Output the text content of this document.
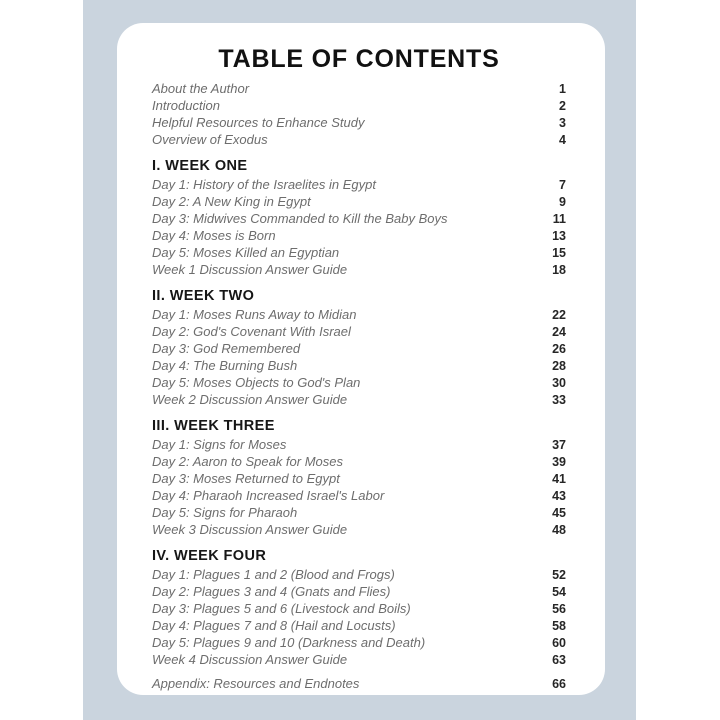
TABLE OF CONTENTS
About the Author	1
Introduction	2
Helpful Resources to Enhance Study	3
Overview of Exodus	4
I. WEEK ONE
Day 1: History of the Israelites in Egypt	7
Day 2: A New King in Egypt	9
Day 3: Midwives Commanded to Kill the Baby Boys	11
Day 4: Moses is Born	13
Day 5: Moses Killed an Egyptian	15
Week 1 Discussion Answer Guide	18
II. WEEK TWO
Day 1: Moses Runs Away to Midian	22
Day 2: God's Covenant With Israel	24
Day 3: God Remembered	26
Day 4: The Burning Bush	28
Day 5: Moses Objects to God's Plan	30
Week 2 Discussion Answer Guide	33
III. WEEK THREE
Day 1: Signs for Moses	37
Day 2: Aaron to Speak for Moses	39
Day 3: Moses Returned to Egypt	41
Day 4: Pharaoh Increased Israel's Labor	43
Day 5: Signs for Pharaoh	45
Week 3 Discussion Answer Guide	48
IV. WEEK FOUR
Day 1: Plagues 1 and 2 (Blood and Frogs)	52
Day 2: Plagues 3 and 4 (Gnats and Flies)	54
Day 3: Plagues 5 and 6 (Livestock and Boils)	56
Day 4: Plagues 7 and 8 (Hail and Locusts)	58
Day 5: Plagues 9 and 10 (Darkness and Death)	60
Week 4 Discussion Answer Guide	63
Appendix: Resources and Endnotes	66
